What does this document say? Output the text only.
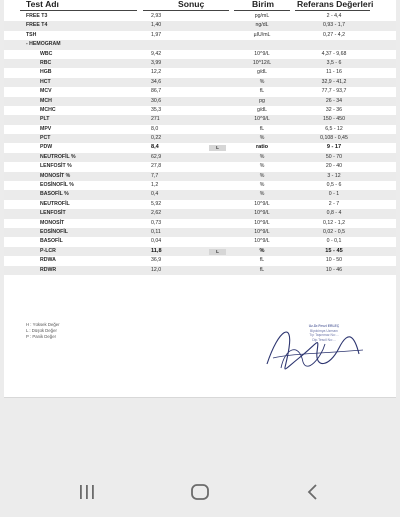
Test Adı	Sonuç	Birim	Referans Değerleri
FREE T3	2,93	pg/mL	2 - 4,4
FREE T4	1,40	ng/dL	0,93 - 1,7
TSH	1,97	µIU/mL	0,27 - 4,2
- HEMOGRAM
WBC	9,42	10^9/L	4,37 - 9,68
RBC	3,99	10^12/L	3,5 - 6
HGB	12,2	g/dL	11 - 16
HCT	34,6	%	32,9 - 41,2
MCV	86,7	fL	77,7 - 93,7
MCH	30,6	pg	26 - 34
MCHC	35,3	g/dL	32 - 36
PLT	271	10^9/L	150 - 450
MPV	8,0	fL	6,5 - 12
PCT	0,22	%	0,108 - 0,45
PDW	8,4	L	ratio	9 - 17
NEUTROFİL %	62,9	%	50 - 70
LENFOSİT %	27,8	%	20 - 40
MONOSİT %	7,7	%	3 - 12
EOSİNOFİL %	1,2	%	0,5 - 6
BASOFİL %	0,4	%	0 - 1
NEUTROFİL	5,92	10^9/L	2 - 7
LENFOSİT	2,62	10^9/L	0,8 - 4
MONOSİT	0,73	10^9/L	0,12 - 1,2
EOSİNOFİL	0,11	10^9/L	0,02 - 0,5
BASOFİL	0,04	10^9/L	0 - 0,1
P-LCR	11,8	L	%	15 - 45
RDWA	36,9	fL	10 - 50
RDWR	12,0	fL	10 - 46
H : Yüksek Değer
L : Düşük Değer
P : Panik Değer
Uz.Dr.Fevzi ERLEÇ
Biyokimya Uzmanı
Tıp Taşınmaz No:...
Dip.Tescil No:...
